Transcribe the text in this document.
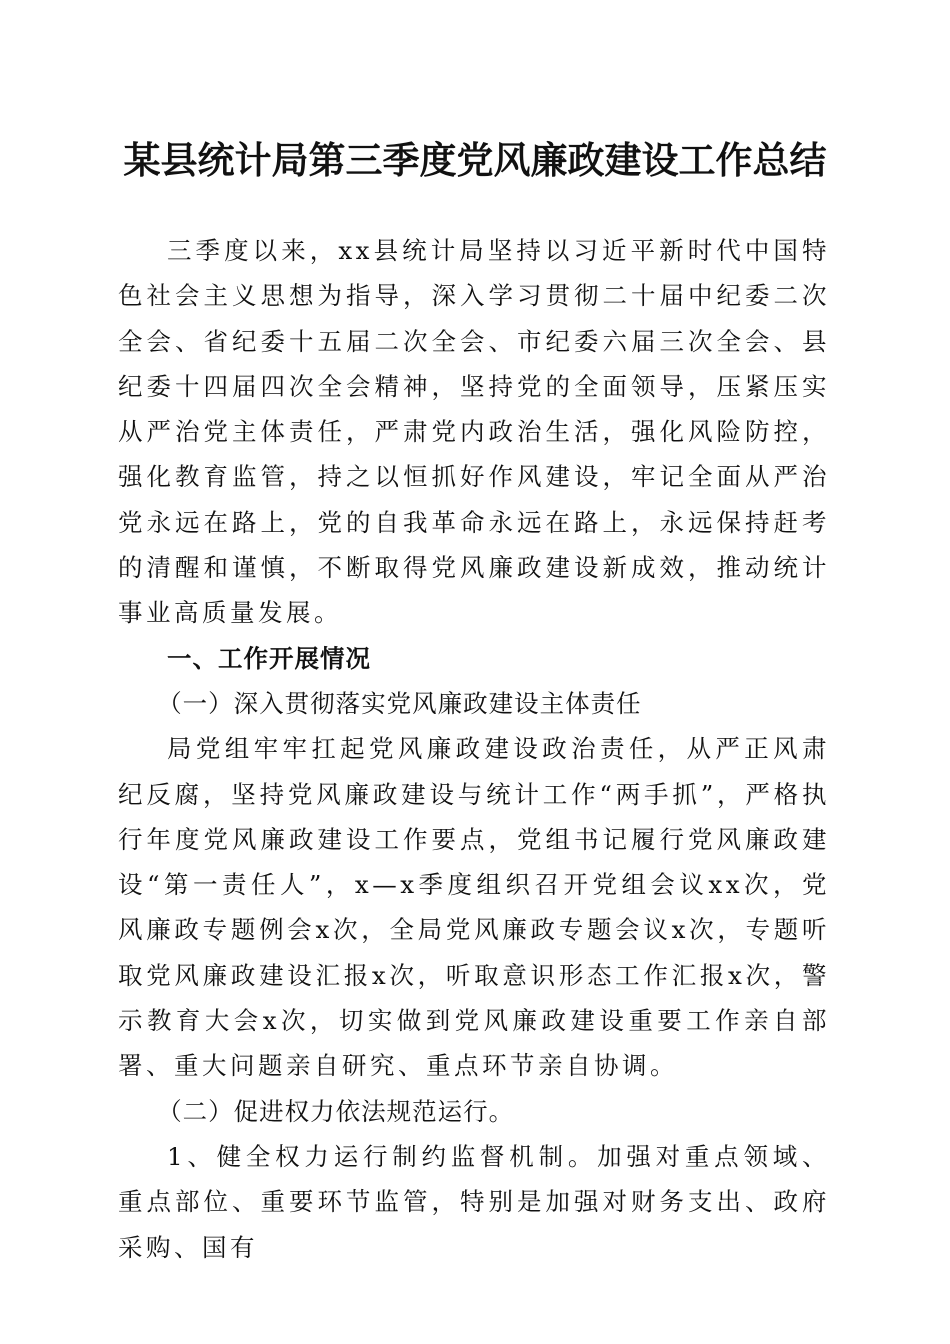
某县统计局第三季度党风廉政建设工作总结

三季度以来，xx县统计局坚持以习近平新时代中国特色社会主义思想为指导，深入学习贯彻二十届中纪委二次全会、省纪委十五届二次全会、市纪委六届三次全会、县纪委十四届四次全会精神，坚持党的全面领导，压紧压实从严治党主体责任，严肃党内政治生活，强化风险防控，强化教育监管，持之以恒抓好作风建设，牢记全面从严治党永远在路上，党的自我革命永远在路上，永远保持赶考的清醒和谨慎，不断取得党风廉政建设新成效，推动统计事业高质量发展。

一、工作开展情况

（一）深入贯彻落实党风廉政建设主体责任

局党组牢牢扛起党风廉政建设政治责任，从严正风肃纪反腐，坚持党风廉政建设与统计工作“两手抓”，严格执行年度党风廉政建设工作要点，党组书记履行党风廉政建设“第一责任人”，x—x季度组织召开党组会议xx次，党风廉政专题例会x次，全局党风廉政专题会议x次，专题听取党风廉政建设汇报x次，听取意识形态工作汇报x次，警示教育大会x次，切实做到党风廉政建设重要工作亲自部署、重大问题亲自研究、重点环节亲自协调。

（二）促进权力依法规范运行。

1、健全权力运行制约监督机制。加强对重点领域、重点部位、重要环节监管，特别是加强对财务支出、政府采购、国有
